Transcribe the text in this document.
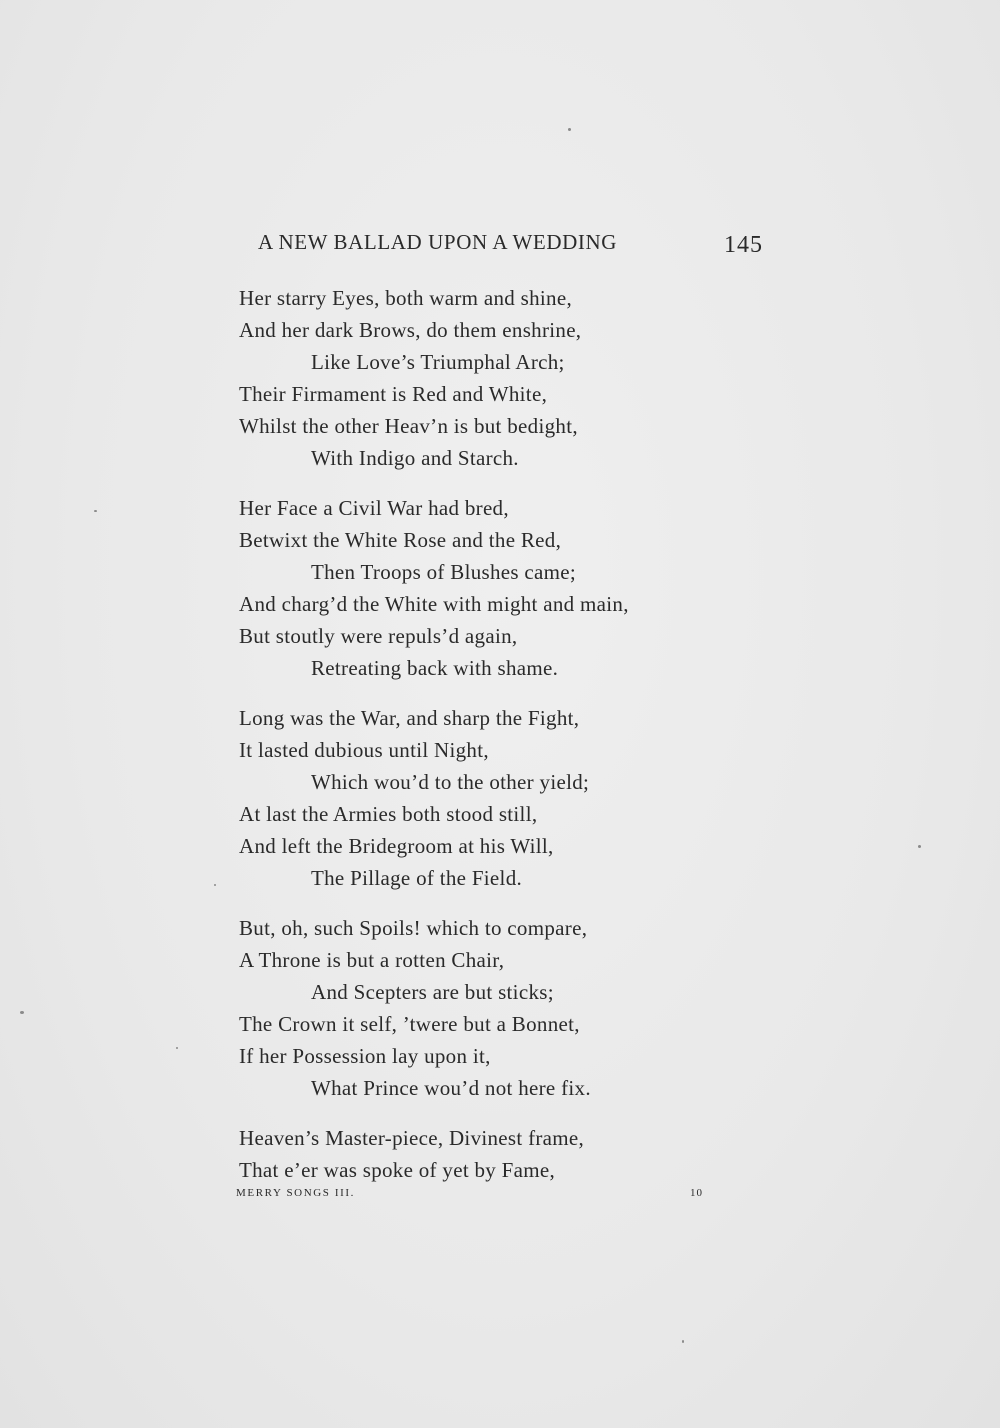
A NEW BALLAD UPON A WEDDING	145
Her starry Eyes, both warm and shine,
And her dark Brows, do them enshrine,
Like Love’s Triumphal Arch;
Their Firmament is Red and White,
Whilst the other Heav’n is but bedight,
With Indigo and Starch.
Her Face a Civil War had bred,
Betwixt the White Rose and the Red,
Then Troops of Blushes came;
And charg’d the White with might and main,
But stoutly were repuls’d again,
Retreating back with shame.
Long was the War, and sharp the Fight,
It lasted dubious until Night,
Which wou’d to the other yield;
At last the Armies both stood still,
And left the Bridegroom at his Will,
The Pillage of the Field.
But, oh, such Spoils! which to compare,
A Throne is but a rotten Chair,
And Scepters are but sticks;
The Crown it self, ’twere but a Bonnet,
If her Possession lay upon it,
What Prince wou’d not here fix.
Heaven’s Master-piece, Divinest frame,
That e’er was spoke of yet by Fame,
MERRY SONGS III.	10
